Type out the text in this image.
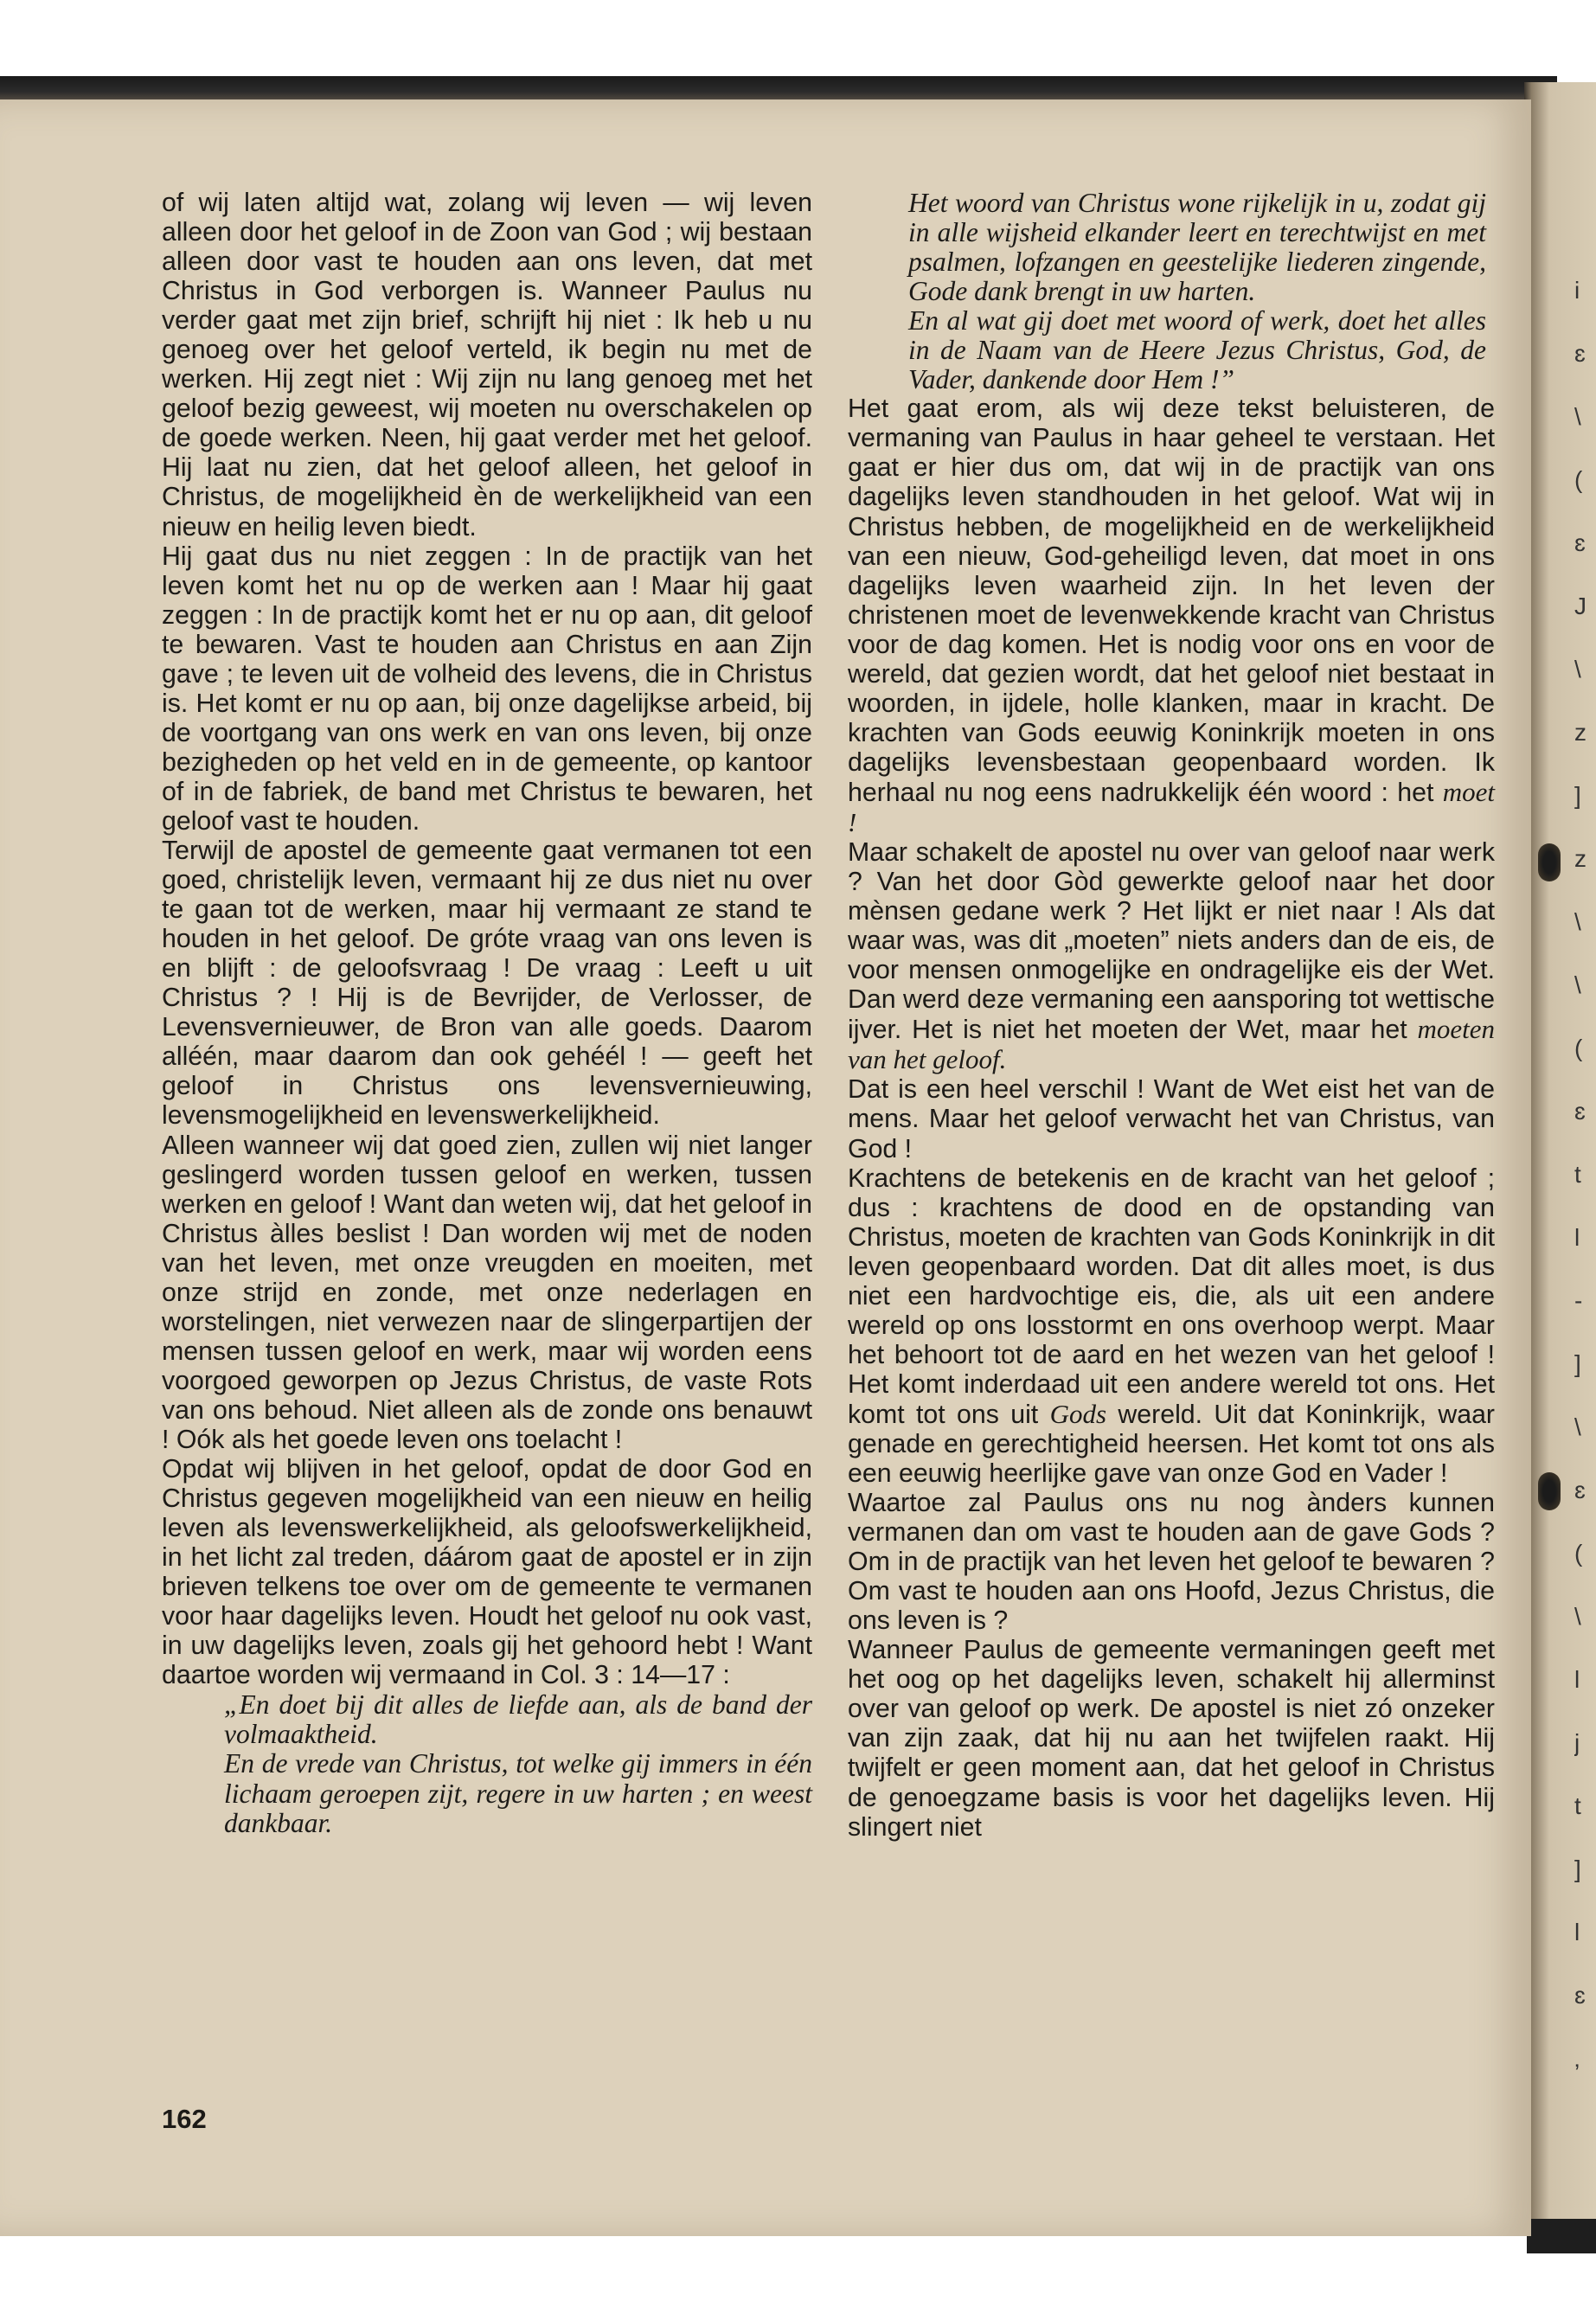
i
ɛ
\
(
ɛ
J
\
z
]
z
\
\
(
ɛ
t
l
-
]
\
ɛ
(
\
l
j
t
]
l
ɛ
‚

of wij laten altijd wat, zolang wij leven — wij leven alleen door het geloof in de Zoon van God ; wij bestaan alleen door vast te houden aan ons leven, dat met Christus in God verborgen is. Wanneer Paulus nu verder gaat met zijn brief, schrijft hij niet : Ik heb u nu genoeg over het geloof verteld, ik begin nu met de werken. Hij zegt niet : Wij zijn nu lang genoeg met het geloof bezig geweest, wij moeten nu overschakelen op de goede werken. Neen, hij gaat verder met het geloof. Hij laat nu zien, dat het geloof alleen, het geloof in Christus, de mogelijkheid èn de werkelijkheid van een nieuw en heilig leven biedt.

Hij gaat dus nu niet zeggen : In de practijk van het leven komt het nu op de werken aan ! Maar hij gaat zeggen : In de practijk komt het er nu op aan, dit geloof te bewaren. Vast te houden aan Christus en aan Zijn gave ; te leven uit de volheid des levens, die in Christus is. Het komt er nu op aan, bij onze dagelijkse arbeid, bij de voortgang van ons werk en van ons leven, bij onze bezigheden op het veld en in de gemeente, op kantoor of in de fabriek, de band met Christus te bewaren, het geloof vast te houden.

Terwijl de apostel de gemeente gaat vermanen tot een goed, christelijk leven, vermaant hij ze dus niet nu over te gaan tot de werken, maar hij vermaant ze stand te houden in het geloof. De gróte vraag van ons leven is en blijft : de geloofsvraag ! De vraag : Leeft u uit Christus ? ! Hij is de Bevrijder, de Verlosser, de Levensvernieuwer, de Bron van alle goeds. Daarom alléén, maar daarom dan ook gehéél ! — geeft het geloof in Christus ons levensvernieuwing, levensmogelijkheid en levenswerkelijkheid.

Alleen wanneer wij dat goed zien, zullen wij niet langer geslingerd worden tussen geloof en werken, tussen werken en geloof ! Want dan weten wij, dat het geloof in Christus àlles beslist ! Dan worden wij met de noden van het leven, met onze vreugden en moeiten, met onze strijd en zonde, met onze nederlagen en worstelingen, niet verwezen naar de slingerpartijen der mensen tussen geloof en werk, maar wij worden eens voorgoed geworpen op Jezus Christus, de vaste Rots van ons behoud. Niet alleen als de zonde ons benauwt ! Oók als het goede leven ons toelacht !

Opdat wij blijven in het geloof, opdat de door God en Christus gegeven mogelijkheid van een nieuw en heilig leven als levenswerkelijkheid, als geloofswerkelijkheid, in het licht zal treden, dáárom gaat de apostel er in zijn brieven telkens toe over om de gemeente te vermanen voor haar dagelijks leven. Houdt het geloof nu ook vast, in uw dagelijks leven, zoals gij het gehoord hebt ! Want daartoe worden wij vermaand in Col. 3 : 14—17 :

„En doet bij dit alles de liefde aan, als de band der volmaaktheid.

En de vrede van Christus, tot welke gij immers in één lichaam geroepen zijt, regere in uw harten ; en weest dankbaar.

Het woord van Christus wone rijkelijk in u, zodat gij in alle wijsheid elkander leert en terechtwijst en met psalmen, lofzangen en geestelijke liederen zingende, Gode dank brengt in uw harten.

En al wat gij doet met woord of werk, doet het alles in de Naam van de Heere Jezus Christus, God, de Vader, dankende door Hem !”

Het gaat erom, als wij deze tekst beluisteren, de vermaning van Paulus in haar geheel te verstaan. Het gaat er hier dus om, dat wij in de practijk van ons dagelijks leven standhouden in het geloof. Wat wij in Christus hebben, de mogelijkheid en de werkelijkheid van een nieuw, God-geheiligd leven, dat moet in ons dagelijks leven waarheid zijn. In het leven der christenen moet de levenwekkende kracht van Christus voor de dag komen. Het is nodig voor ons en voor de wereld, dat gezien wordt, dat het geloof niet bestaat in woorden, in ijdele, holle klanken, maar in kracht. De krachten van Gods eeuwig Koninkrijk moeten in ons dagelijks levensbestaan geopenbaard worden. Ik herhaal nu nog eens nadrukkelijk één woord : het moet !

Maar schakelt de apostel nu over van geloof naar werk ? Van het door Gòd gewerkte geloof naar het door mènsen gedane werk ? Het lijkt er niet naar ! Als dat waar was, was dit „moeten” niets anders dan de eis, de voor mensen onmogelijke en ondragelijke eis der Wet. Dan werd deze vermaning een aansporing tot wettische ijver. Het is niet het moeten der Wet, maar het moeten van het geloof.

Dat is een heel verschil ! Want de Wet eist het van de mens. Maar het geloof verwacht het van Christus, van God !

Krachtens de betekenis en de kracht van het geloof ; dus : krachtens de dood en de opstanding van Christus, moeten de krachten van Gods Koninkrijk in dit leven geopenbaard worden. Dat dit alles moet, is dus niet een hardvochtige eis, die, als uit een andere wereld op ons losstormt en ons overhoop werpt. Maar het behoort tot de aard en het wezen van het geloof ! Het komt inderdaad uit een andere wereld tot ons. Het komt tot ons uit Gods wereld. Uit dat Koninkrijk, waar genade en gerechtigheid heersen. Het komt tot ons als een eeuwig heerlijke gave van onze God en Vader !

Waartoe zal Paulus ons nu nog ànders kunnen vermanen dan om vast te houden aan de gave Gods ? Om in de practijk van het leven het geloof te bewaren ? Om vast te houden aan ons Hoofd, Jezus Christus, die ons leven is ?

Wanneer Paulus de gemeente vermaningen geeft met het oog op het dagelijks leven, schakelt hij allerminst over van geloof op werk. De apostel is niet zó onzeker van zijn zaak, dat hij nu aan het twijfelen raakt. Hij twijfelt er geen moment aan, dat het geloof in Christus de genoegzame basis is voor het dagelijks leven. Hij slingert niet

162
